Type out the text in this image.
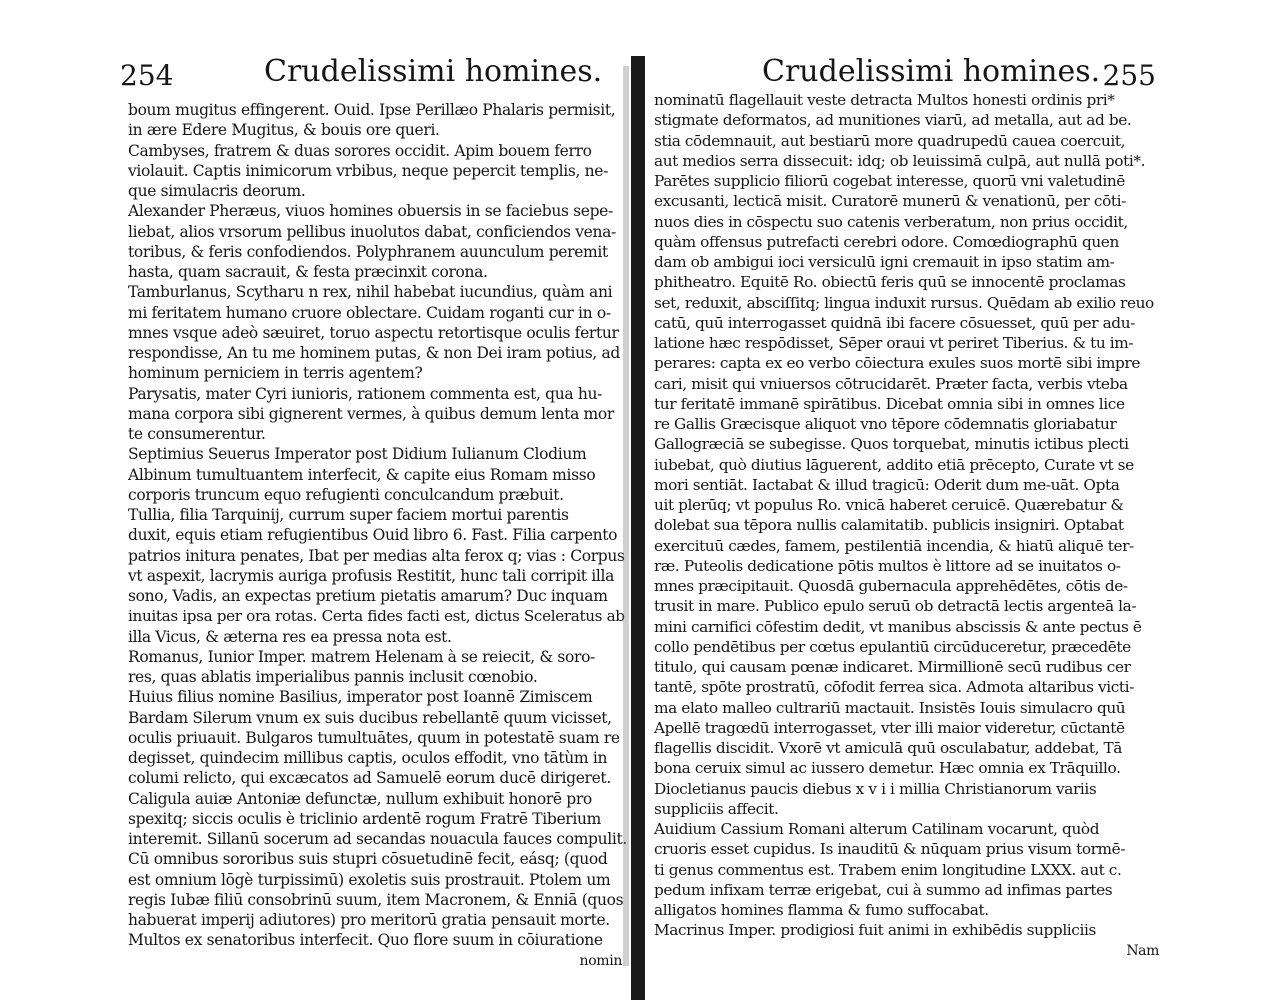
254	Crudelissimi homines.
boum mugitus effingerent. Ouid. Ipse Perillæo Phalaris permisit,
in ære Edere Mugitus, & bouis ore queri.
Cambyses, fratrem & duas sorores occidit. Apim bouem ferro
violauit. Captis inimicorum vrbibus, neque pepercit templis, ne-
que simulacris deorum.
Alexander Pheræus, viuos homines obuersis in se faciebus sepe-
liebat, alios vrsorum pellibus inuolutos dabat, conficiendos vena-
toribus, & feris confodiendos. Polyphranem auunculum peremit
hasta, quam sacrauit, & festa præcinxit corona.
Tamburlanus, Scytharu n rex, nihil habebat iucundius, quàm ani
mi feritatem humano cruore oblectare. Cuidam roganti cur in o-
mnes vsque adeò sæuiret, toruo aspectu retortisque oculis fertur
respondisse, An tu me hominem putas, & non Dei iram potius, ad
hominum perniciem in terris agentem?
Parysatis, mater Cyri iunioris, rationem commenta est, qua hu-
mana corpora sibi gignerent vermes, à quibus demum lenta mor
te consumerentur.
Septimius Seuerus Imperator post Didium Iulianum Clodium
Albinum tumultuantem interfecit, & capite eius Romam misso
corporis truncum equo refugienti conculcandum præbuit.
Tullia, filia Tarquinij, currum super faciem mortui parentis
duxit, equis etiam refugientibus Ouid libro 6. Fast. Filia carpento
patrios initura penates, Ibat per medias alta ferox q; vias : Corpus
vt aspexit, lacrymis auriga profusis Restitit, hunc tali corripit illa
sono, Vadis, an expectas pretium pietatis amarum? Duc inquam
inuitas ipsa per ora rotas. Certa fides facti est, dictus Sceleratus ab
illa Vicus, & æterna res ea pressa nota est.
Romanus, Iunior Imper. matrem Helenam à se reiecit, & soro-
res, quas ablatis imperialibus pannis inclusit cœnobio.
Huius filius nomine Basilius, imperator post Ioannē Zimiscem
Bardam Silerum vnum ex suis ducibus rebellantē quum vicisset,
oculis priuauit. Bulgaros tumultuātes, quum in potestatē suam re
degisset, quindecim millibus captis, oculos effodit, vno tātùm in
columi relicto, qui excæcatos ad Samuelē eorum ducē dirigeret.
Caligula auiæ Antoniæ defunctæ, nullum exhibuit honorē pro
spexitq; siccis oculis è triclinio ardentē rogum Fratrē Tiberium
interemit. Sillanū socerum ad secandas nouacula fauces compulit.
Cū omnibus sororibus suis stupri cōsuetudinē fecit, eásq; (quod
est omnium lōgè turpissimū) exoletis suis prostrauit. Ptolem um
regis Iubæ filiū consobrinū suum, item Macronem, & Enniā (quos
habuerat imperij adiutores) pro meritorū gratia pensauit morte.
Multos ex senatoribus interfecit. Quo flore suum in cōiuratione
nomin
Crudelissimi homines. 255
nominatū flagellauit veste detracta Multos honesti ordinis pri*
stigmate deformatos, ad munitiones viarū, ad metalla, aut ad be.
stia cōdemnauit, aut bestiarū more quadrupedū cauea coercuit,
aut medios serra dissecuit: idq; ob leuissimā culpā, aut nullā poti*.
Parētes supplicio filiorū cogebat interesse, quorū vni valetudinē
excusanti, lecticā misit. Curatorē munerū & venationū, per cōti-
nuos dies in cōspectu suo catenis verberatum, non prius occidit,
quàm offensus putrefacti cerebri odore. Comœdiographū quen
dam ob ambigui ioci versiculū igni cremauit in ipso statim am-
phitheatro. Equitē Ro. obiectū feris quū se innocentē proclamas
set, reduxit, absciſſitq; lingua induxit rursus. Quēdam ab exilio reuo
catū, quū interrogasset quidnā ibi facere cōsuesset, quū per adu-
latione hæc respōdisset, Sēper oraui vt periret Tiberius. & tu im-
perares: capta ex eo verbo cōiectura exules suos mortē sibi impre
cari, misit qui vniuersos cōtrucidarēt. Præter facta, verbis vteba
tur feritatē immanē spirātibus. Dicebat omnia sibi in omnes lice
re Gallis Græcisque aliquot vno tēpore cōdemnatis gloriabatur
Gallogræciā se subegisse. Quos torquebat, minutis ictibus plecti
iubebat, quò diutius lāguerent, addito etiā prēcepto, Curate vt se
mori sentiāt. Iactabat & illud tragicū: Oderit dum me-uāt. Opta
uit plerūq; vt populus Ro. vnicā haberet ceruicē. Quærebatur &
dolebat sua tēpora nullis calamitatib. publicis insigniri. Optabat
exercituū cædes, famem, pestilentiā incendia, & hiatū aliquē ter-
ræ. Puteolis dedicatione pōtis multos è littore ad se inuitatos o-
mnes præcipitauit. Quosdā gubernacula apprehēdētes, cōtis de-
trusit in mare. Publico epulo seruū ob detractā lectis argenteā la-
mini carnifici cōfestim dedit, vt manibus abscissis & ante pectus ē
collo pendētibus per cœtus epulantiū circūduceretur, præcedēte
titulo, qui causam pœnæ indicaret. Mirmillionē secū rudibus cer
tantē, spōte prostratū, cōfodit ferrea sica. Admota altaribus victi-
ma elato malleo cultrariū mactauit. Insistēs Iouis simulacro quū
Apellē tragœdū interrogasset, vter illi maior videretur, cūctantē
flagellis discidit. Vxorē vt amiculā quū osculabatur, addebat, Tā
bona ceruix simul ac iussero demetur. Hæc omnia ex Trāquillo.
Diocletianus paucis diebus x v i i millia Christianorum variis
suppliciis affecit.
Auidium Cassium Romani alterum Catilinam vocarunt, quòd
cruoris esset cupidus. Is inauditū & nūquam prius visum tormē-
ti genus commentus est. Trabem enim longitudine LXXX. aut c.
pedum infixam terræ erigebat, cui à summo ad infimas partes
alligatos homines flamma & fumo suffocabat.
Macrinus Imper. prodigiosi fuit animi in exhibēdis suppliciis
Nam
